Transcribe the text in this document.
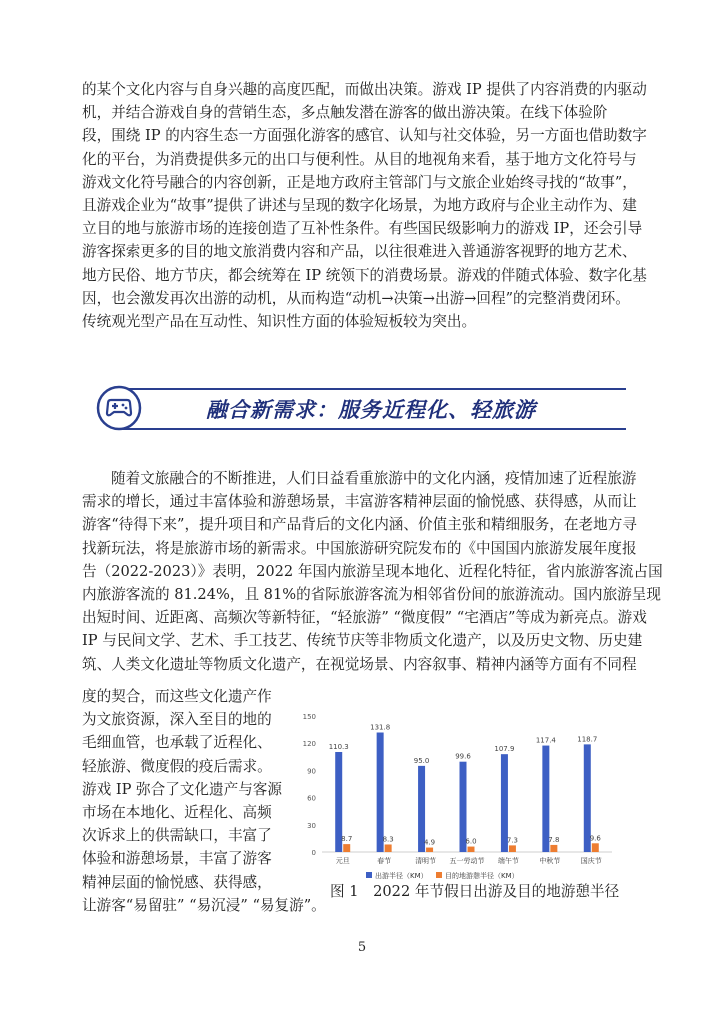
的某个文化内容与自身兴趣的高度匹配，而做出决策。游戏 IP 提供了内容消费的内驱动
机，并结合游戏自身的营销生态，多点触发潜在游客的做出游决策。在线下体验阶
段，围绕 IP 的内容生态一方面强化游客的感官、认知与社交体验，另一方面也借助数字
化的平台，为消费提供多元的出口与便利性。从目的地视角来看，基于地方文化符号与
游戏文化符号融合的内容创新，正是地方政府主管部门与文旅企业始终寻找的“故事”，
且游戏企业为“故事”提供了讲述与呈现的数字化场景，为地方政府与企业主动作为、建
立目的地与旅游市场的连接创造了互补性条件。有些国民级影响力的游戏 IP，还会引导
游客探索更多的目的地文旅消费内容和产品，以往很难进入普通游客视野的地方艺术、
地方民俗、地方节庆，都会统筹在 IP 统领下的消费场景。游戏的伴随式体验、数字化基
因，也会激发再次出游的动机，从而构造“动机→决策→出游→回程”的完整消费闭环。
传统观光型产品在互动性、知识性方面的体验短板较为突出。
融合新需求：服务近程化、轻旅游
随着文旅融合的不断推进，人们日益看重旅游中的文化内涵，疫情加速了近程旅游
需求的增长，通过丰富体验和游憩场景，丰富游客精神层面的愉悦感、获得感，从而让
游客“待得下来”，提升项目和产品背后的文化内涵、价值主张和精细服务，在老地方寻
找新玩法，将是旅游市场的新需求。中国旅游研究院发布的《中国国内旅游发展年度报
告（2022-2023）》表明，2022 年国内旅游呈现本地化、近程化特征，省内旅游客流占国
内旅游客流的 81.24%，且 81%的省际旅游客流为相邻省份间的旅游流动。国内旅游呈现
出短时间、近距离、高频次等新特征，“轻旅游” “微度假” “宅酒店”等成为新亮点。游戏
IP 与民间文学、艺术、手工技艺、传统节庆等非物质文化遗产，以及历史文物、历史建
筑、人类文化遗址等物质文化遗产，在视觉场景、内容叙事、精神内涵等方面有不同程
度的契合，而这些文化遗产作
为文旅资源，深入至目的地的
毛细血管，也承载了近程化、
轻旅游、微度假的疫后需求。
游戏 IP 弥合了文化遗产与客源
市场在本地化、近程化、高频
次诉求上的供需缺口，丰富了
体验和游憩场景，丰富了游客
精神层面的愉悦感、获得感，
让游客“易留驻” “易沉浸” “易复游”。
0
30
60
90
120
150
110.3
8.7
元旦
131.8
8.3
春节
95.0
4.9
清明节
99.6
6.0
五一劳动节
107.9
7.3
端午节
117.4
7.8
中秋节
118.7
9.6
国庆节
出游半径（KM） 目的地游憩半径（KM）
图 1　2022 年节假日出游及目的地游憩半径
5
